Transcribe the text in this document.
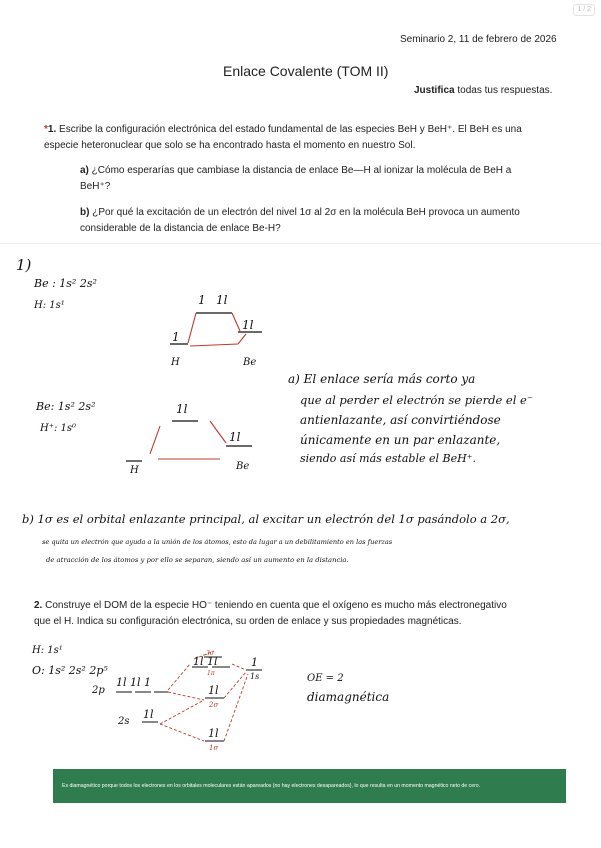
1 / 2
Seminario 2, 11 de febrero de 2026
Enlace Covalente (TOM II)
Justifica todas tus respuestas.
*1. Escribe la configuración electrónica del estado fundamental de las especies BeH y BeH⁺. El BeH es una
especie heteronuclear que solo se ha encontrado hasta el momento en nuestro Sol.
a) ¿Cómo esperarías que cambiase la distancia de enlace Be—H al ionizar la molécula de BeH a
BeH⁺?
b) ¿Por qué la excitación de un electrón del nivel 1σ al 2σ en la molécula BeH provoca un aumento
considerable de la distancia de enlace Be-H?
1)
Be : 1s² 2s²
H: 1s¹	1 1l
1l
1
H	Be
Be: 1s² 2s²
H⁺: 1s⁰
1l
1l
H	Be
a) El enlace sería más corto ya
que al perder el electrón se pierde el e⁻
antienlazante, así convirtiéndose
únicamente en un par enlazante,
siendo así más estable el BeH⁺.
b) 1σ es el orbital enlazante principal, al excitar un electrón del 1σ pasándolo a 2σ,
se quita un electrón que ayuda a la unión de los átomos, esto da lugar a un debilitamiento en las fuerzas
de atracción de los átomos y por ello se separan, siendo así un aumento en la distancia.
2. Construye el DOM de la especie HO⁻ teniendo en cuenta que el oxígeno es mucho más electronegativo
que el H. Indica su configuración electrónica, su orden de enlace y sus propiedades magnéticas.
H: 1s¹
O: 1s² 2s² 2p⁵
2p
1l 1l 1
2s
1l
3σ
1l 1l
1π
1l
2σ
1l
1σ
1
1s	OE = 2
diamagnética
Es diamagnético porque todos los electrones en los orbitales moleculares están apareados (no hay electrones desapareados), lo que resulta en un momento magnético neto de cero.
